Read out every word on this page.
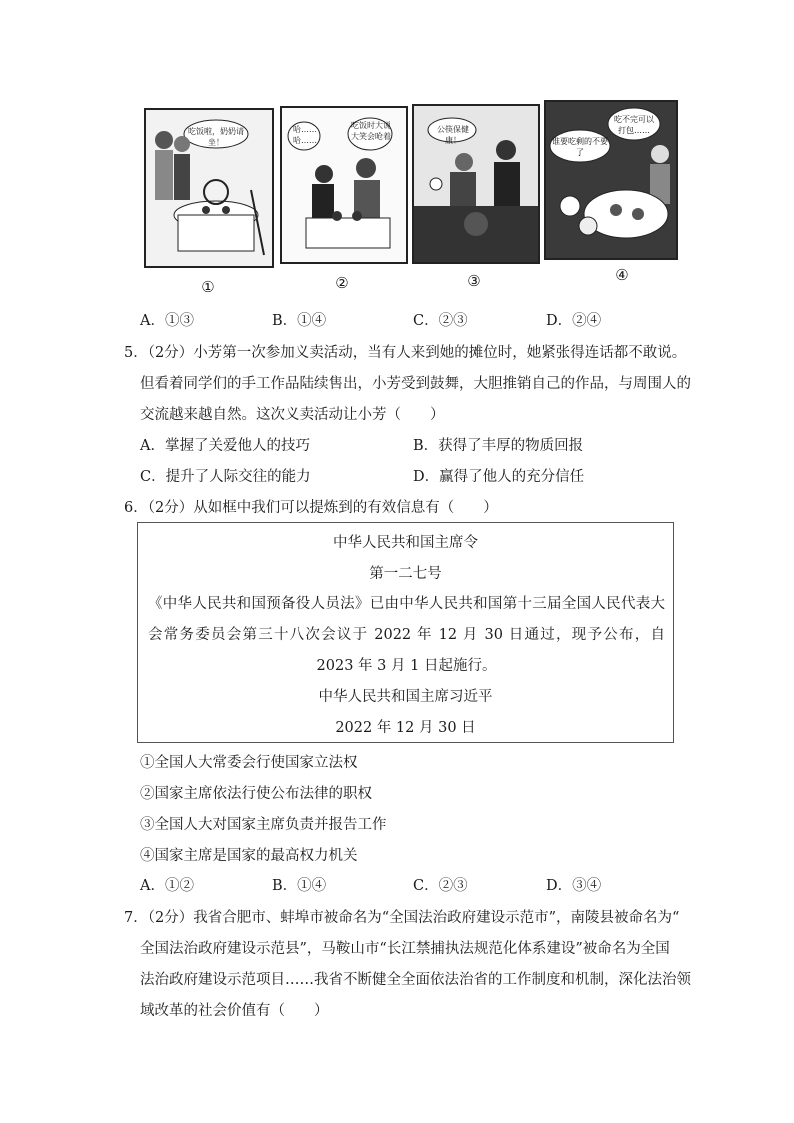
吃饭啦，奶奶请坐！
①
哈……哈……
吃饭时大说大笑会呛着
②
公筷保健康！
③
谁要吃剩的不要了
吃不完可以打包……
④
A．①③	B．①④	C．②③	D．②④
5．（2分）小芳第一次参加义卖活动，当有人来到她的摊位时，她紧张得连话都不敢说。
但看着同学们的手工作品陆续售出，小芳受到鼓舞，大胆推销自己的作品，与周围人的
交流越来越自然。这次义卖活动让小芳（　　）
A．掌握了关爱他人的技巧	B．获得了丰厚的物质回报
C．提升了人际交往的能力	D．赢得了他人的充分信任
6．（2分）从如框中我们可以提炼到的有效信息有（　　）
中华人民共和国主席令
第一二七号
《中华人民共和国预备役人员法》已由中华人民共和国第十三届全国人民代表大会常务委员会第三十八次会议于 2022 年 12 月 30 日通过，现予公布，自 2023 年 3 月 1 日起施行。
中华人民共和国主席习近平
2022 年 12 月 30 日
①全国人大常委会行使国家立法权
②国家主席依法行使公布法律的职权
③全国人大对国家主席负责并报告工作
④国家主席是国家的最高权力机关
A．①②	B．①④	C．②③	D．③④
7．（2分）我省合肥市、蚌埠市被命名为“全国法治政府建设示范市”，南陵县被命名为“
全国法治政府建设示范县”，马鞍山市“长江禁捕执法规范化体系建设”被命名为全国
法治政府建设示范项目……我省不断健全全面依法治省的工作制度和机制，深化法治领
域改革的社会价值有（　　）
